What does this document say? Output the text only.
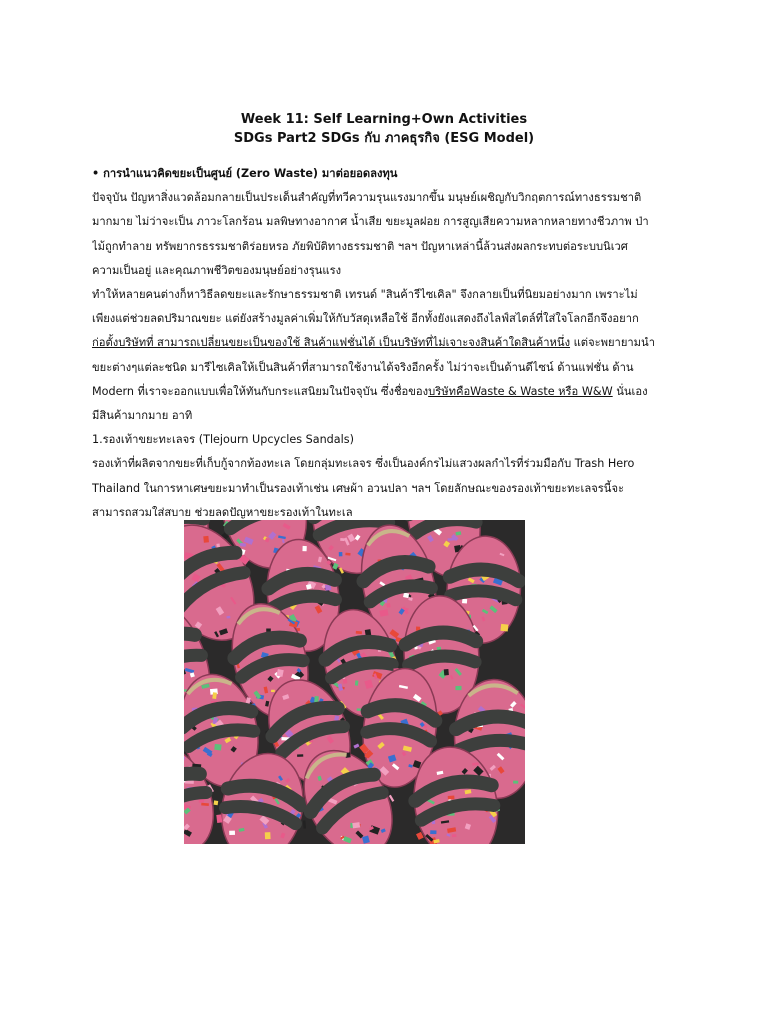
Week 11: Self Learning+Own Activities
SDGs Part2 SDGs กับ ภาคธุรกิจ (ESG Model)
• การนำแนวคิดขยะเป็นศูนย์ (Zero Waste) มาต่อยอดลงทุน
ปัจจุบัน ปัญหาสิ่งแวดล้อมกลายเป็นประเด็นสำคัญที่ทวีความรุนแรงมากขึ้น มนุษย์เผชิญกับวิกฤตการณ์ทางธรรมชาติ
มากมาย ไม่ว่าจะเป็น ภาวะโลกร้อน มลพิษทางอากาศ น้ำเสีย ขยะมูลฝอย การสูญเสียความหลากหลายทางชีวภาพ ป่า
ไม้ถูกทำลาย ทรัพยากรธรรมชาติร่อยหรอ ภัยพิบัติทางธรรมชาติ ฯลฯ ปัญหาเหล่านี้ล้วนส่งผลกระทบต่อระบบนิเวศ
ความเป็นอยู่ และคุณภาพชีวิตของมนุษย์อย่างรุนแรง
ทำให้หลายคนต่างก็หาวิธีลดขยะและรักษาธรรมชาติ เทรนด์ "สินค้ารีไซเคิล" จึงกลายเป็นที่นิยมอย่างมาก เพราะไม่
เพียงแต่ช่วยลดปริมาณขยะ แต่ยังสร้างมูลค่าเพิ่มให้กับวัสดุเหลือใช้ อีกทั้งยังแสดงถึงไลฟ์สไตล์ที่ใส่ใจโลกอีกจึงอยาก
ก่อตั้งบริษัทที่ สามารถเปลี่ยนขยะเป็นของใช้ สินค้าแฟชั่นได้ เป็นบริษัทที่ไม่เจาะจงสินค้าใดสินค้าหนึ่ง แต่จะพยายามนำ
ขยะต่างๆแต่ละชนิด มารีไซเคิลให้เป็นสินค้าที่สามารถใช้งานได้จริงอีกครั้ง ไม่ว่าจะเป็นด้านดีไซน์ ด้านแฟชั่น ด้าน
Modern ที่เราจะออกแบบเพื่อให้ทันกับกระแสนิยมในปัจจุบัน ซึ่งชื่อของบริษัทคือWaste & Waste หรือ W&W นั่นเอง
มีสินค้ามากมาย อาทิ
1.รองเท้าขยะทะเลจร (Tlejourn Upcycles Sandals)
รองเท้าที่ผลิตจากขยะที่เก็บกู้จากท้องทะเล โดยกลุ่มทะเลจร ซึ่งเป็นองค์กรไม่แสวงผลกำไรที่ร่วมมือกับ Trash Hero
Thailand ในการหาเศษขยะมาทำเป็นรองเท้าเช่น เศษผ้า อวนปลา ฯลฯ โดยลักษณะของรองเท้าขยะทะเลจรนี้จะ
สามารถสวมใส่สบาย ช่วยลดปัญหาขยะรองเท้าในทะเล
